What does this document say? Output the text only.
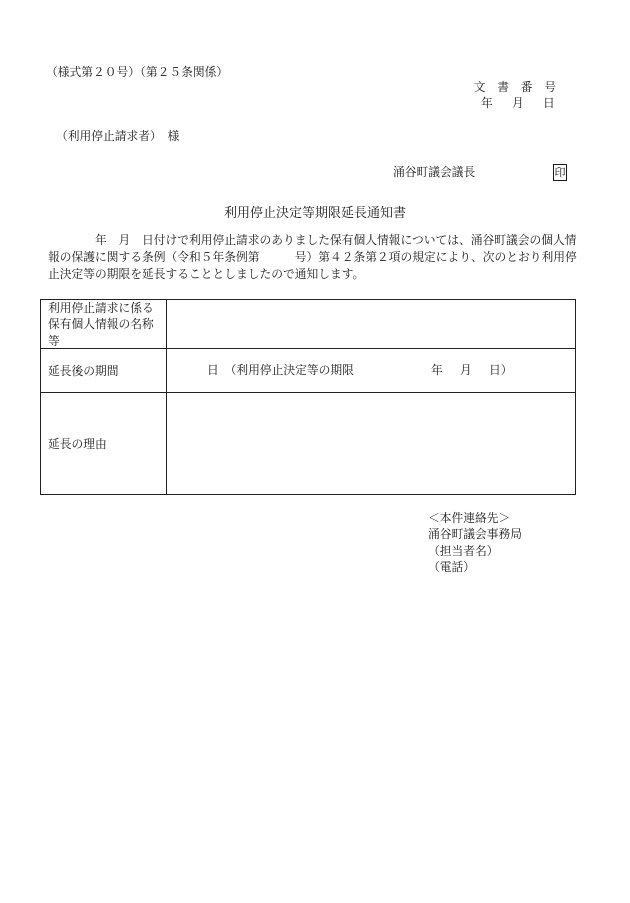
（様式第２０号）（第２５条関係）
文　書　番　号
年 月 日
（利用停止請求者）　様
涌谷町議会議長	印
利用停止決定等期限延長通知書
年　月　日付けで利用停止請求のありました保有個人情報については、涌谷町議会の個人情
報の保護に関する条例（令和５年条例第　　　号）第４２条第２項の規定により、次のとおり利用停
止決定等の期限を延長することとしましたので通知します。
利用停止請求に係る
保有個人情報の名称
等
延長後の期間	日　（利用停止決定等の期限	年 月 日）
延長の理由
＜本件連絡先＞
涌谷町議会事務局
（担当者名）
（電話）
